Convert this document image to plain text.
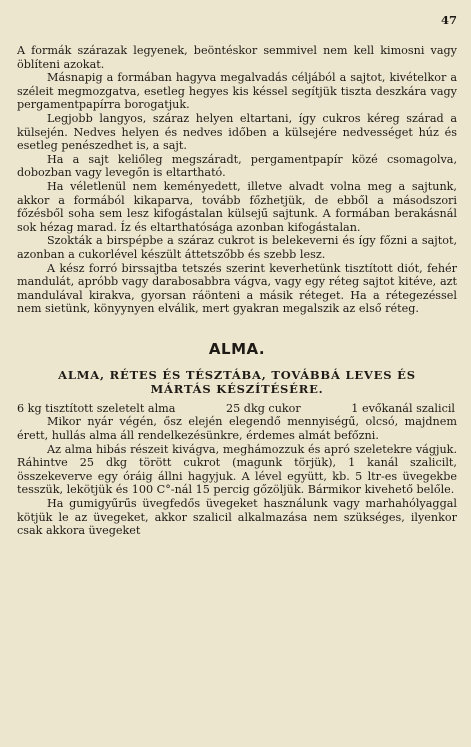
47

A formák szárazak legyenek, beöntéskor semmivel nem kell kimosni vagy öblíteni azokat.

Másnapig a formában hagyva megalvadás céljából a sajtot, kivételkor a széleit megmozgatva, esetleg hegyes kis késsel segítjük tiszta deszkára vagy pergamentpapírra borogatjuk.

Legjobb langyos, száraz helyen eltartani, így cukros kéreg szárad a külsején. Nedves helyen és nedves időben a külsejére nedvességet húz és esetleg penészedhet is, a sajt.

Ha a sajt keliőleg megszáradt, pergamentpapír közé csomagolva, dobozban vagy levegőn is eltartható.

Ha véletlenül nem keményedett, illetve alvadt volna meg a sajtunk, akkor a formából kikaparva, tovább főzhetjük, de ebből a másodszori főzésből soha sem lesz kifogástalan külsejű sajtunk. A formában berakásnál sok hézag marad. Íz és eltarthatósága azonban kifogástalan.

Szokták a birspépbe a száraz cukrot is belekeverni és így főzni a sajtot, azonban a cukorlével készült áttetszőbb és szebb lesz.

A kész forró birssajtba tetszés szerint keverhetünk tisztított diót, fehér mandulát, apróbb vagy darabosabbra vágva, vagy egy réteg sajtot kitéve, azt mandulával kirakva, gyorsan ráönteni a másik réteget. Ha a rétegezéssel nem sietünk, könyynyen elválik, mert gyakran megalszik az első réteg.

ALMA.
ALMA, RÉTES ÉS TÉSZTÁBA, TOVÁBBÁ LEVES ÉS
MÁRTÁS KÉSZÍTÉSÉRE.
6 kg tisztított szeletelt alma	25 dkg cukor	1 evőkanál szalicil

Mikor nyár végén, ősz elején elegendő mennyiségű, olcsó, majdnem érett, hullás alma áll rendelkezésünkre, érdemes almát befőzni.

Az alma hibás részeit kivágva, meghámozzuk és apró szeletekre vágjuk. Ráhintve 25 dkg törött cukrot (magunk törjük), 1 kanál szalicilt, összekeverve egy óráig állni hagyjuk. A lével együtt, kb. 5 ltr-es üvegekbe tesszük, lekötjük és 100 C°-nál 15 percig gőzöljük. Bármikor kivehető belőle.

Ha gumigyűrűs üvegfedős üvegeket használunk vagy marhahólyaggal kötjük le az üvegeket, akkor szalicil alkalmazása nem szükséges, ilyenkor csak akkora üvegeket
